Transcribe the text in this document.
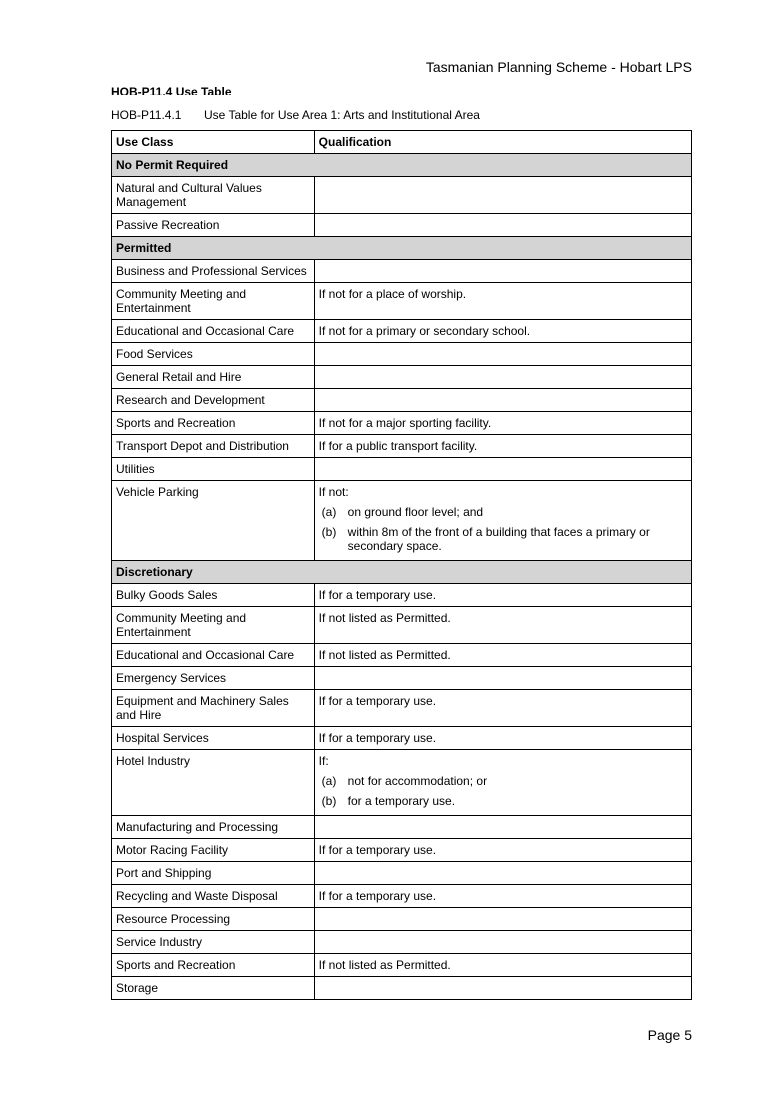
Tasmanian Planning Scheme - Hobart LPS
HOB-P11.4 Use Table
HOB-P11.4.1 Use Table for Use Area 1: Arts and Institutional Area
Use Class	Qualification
No Permit Required	
Natural and Cultural Values Management	
Passive Recreation	
Permitted	
Business and Professional Services	
Community Meeting and Entertainment	If not for a place of worship.
Educational and Occasional Care	If not for a primary or secondary school.
Food Services	
General Retail and Hire	
Research and Development	
Sports and Recreation	If not for a major sporting facility.
Transport Depot and Distribution	If for a public transport facility.
Utilities	
Vehicle Parking	If not:
(a) on ground floor level; and
(b) within 8m of the front of a building that faces a primary or secondary space.

Discretionary	
Bulky Goods Sales	If for a temporary use.
Community Meeting and Entertainment	If not listed as Permitted.
Educational and Occasional Care	If not listed as Permitted.
Emergency Services	
Equipment and Machinery Sales and Hire	If for a temporary use.
Hospital Services	If for a temporary use.
Hotel Industry	If:
(a) not for accommodation; or
(b) for a temporary use.

Manufacturing and Processing	
Motor Racing Facility	If for a temporary use.
Port and Shipping	
Recycling and Waste Disposal	If for a temporary use.
Resource Processing	
Service Industry	
Sports and Recreation	If not listed as Permitted.
Storage	
Page 5
